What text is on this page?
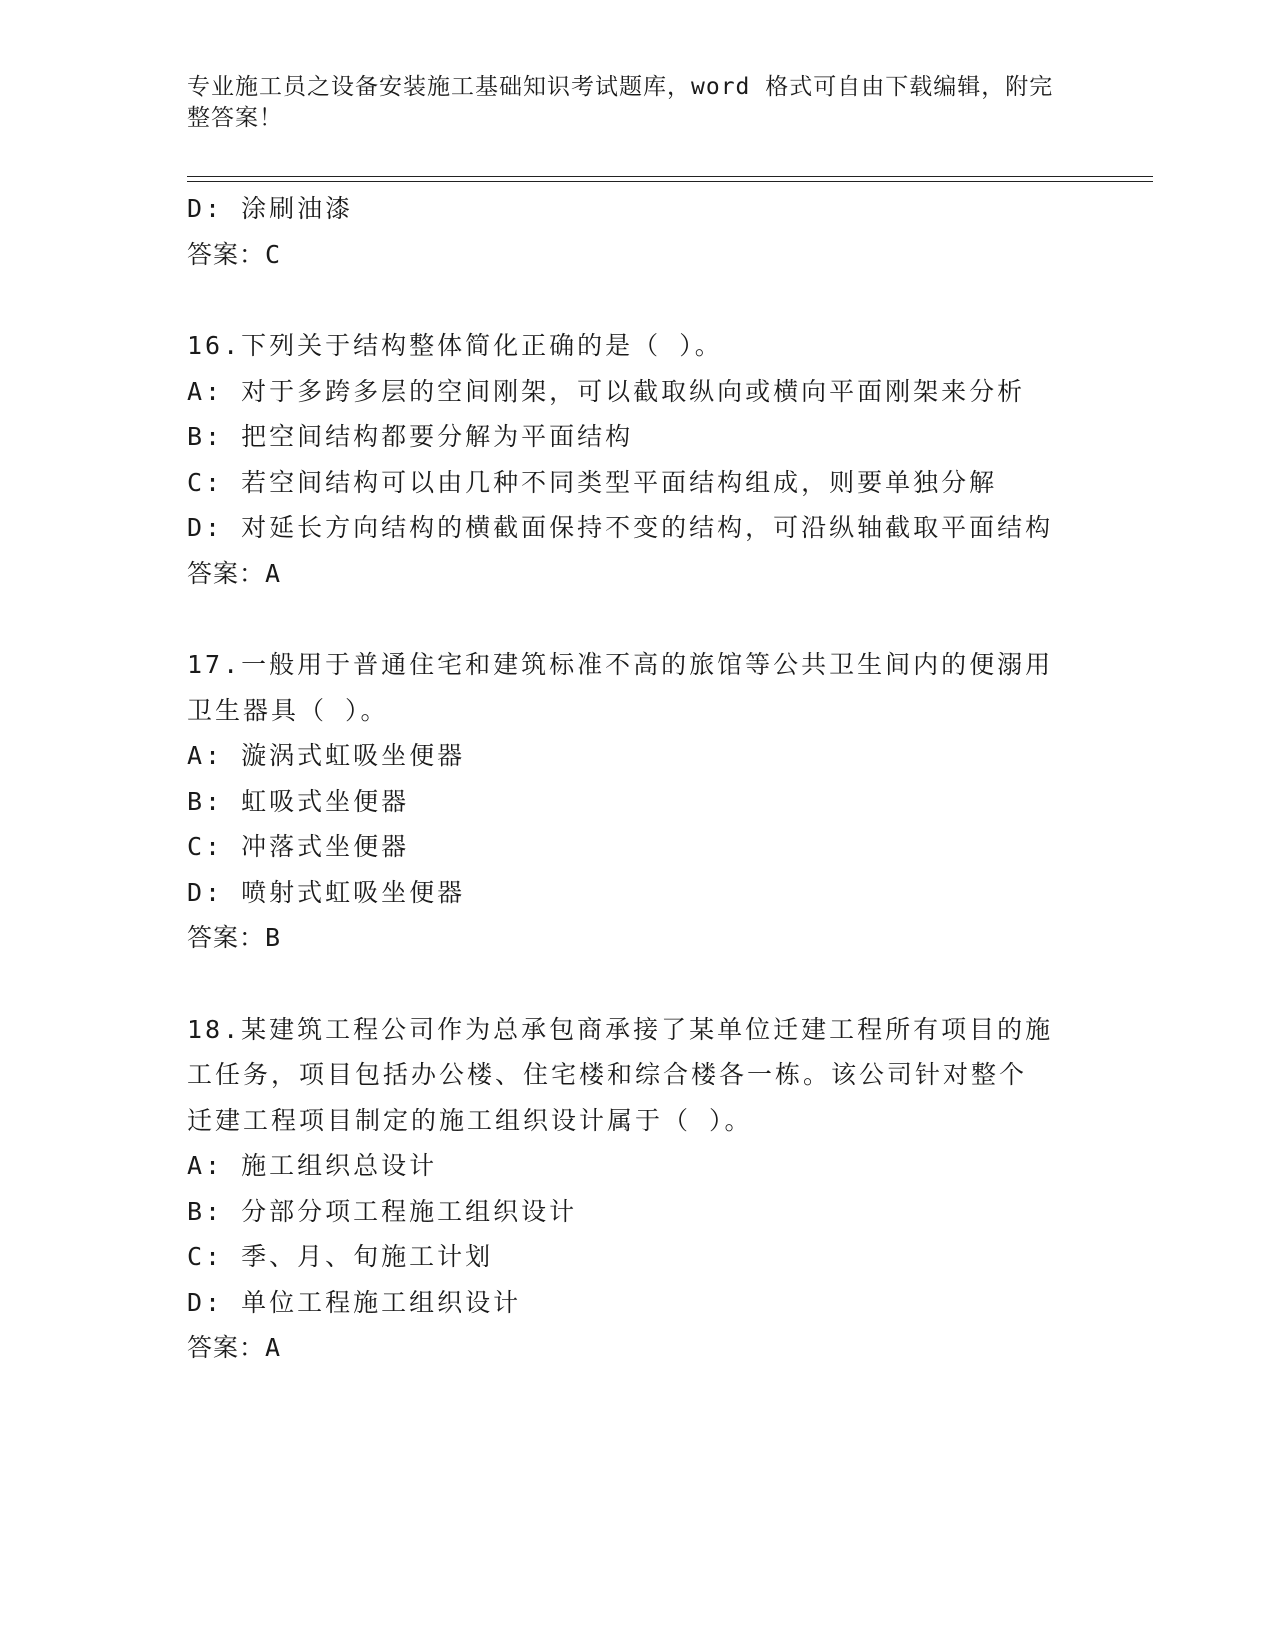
专业施工员之设备安装施工基础知识考试题库，word 格式可自由下载编辑，附完整答案！
D: 涂刷油漆
答案：C
16.下列关于结构整体简化正确的是（ ）。
A: 对于多跨多层的空间刚架，可以截取纵向或横向平面刚架来分析
B: 把空间结构都要分解为平面结构
C: 若空间结构可以由几种不同类型平面结构组成，则要单独分解
D: 对延长方向结构的横截面保持不变的结构，可沿纵轴截取平面结构
答案：A
17.一般用于普通住宅和建筑标准不高的旅馆等公共卫生间内的便溺用
卫生器具（ ）。
A: 漩涡式虹吸坐便器
B: 虹吸式坐便器
C: 冲落式坐便器
D: 喷射式虹吸坐便器
答案：B
18.某建筑工程公司作为总承包商承接了某单位迁建工程所有项目的施
工任务，项目包括办公楼、住宅楼和综合楼各一栋。该公司针对整个
迁建工程项目制定的施工组织设计属于（ ）。
A: 施工组织总设计
B: 分部分项工程施工组织设计
C: 季、月、旬施工计划
D: 单位工程施工组织设计
答案：A
